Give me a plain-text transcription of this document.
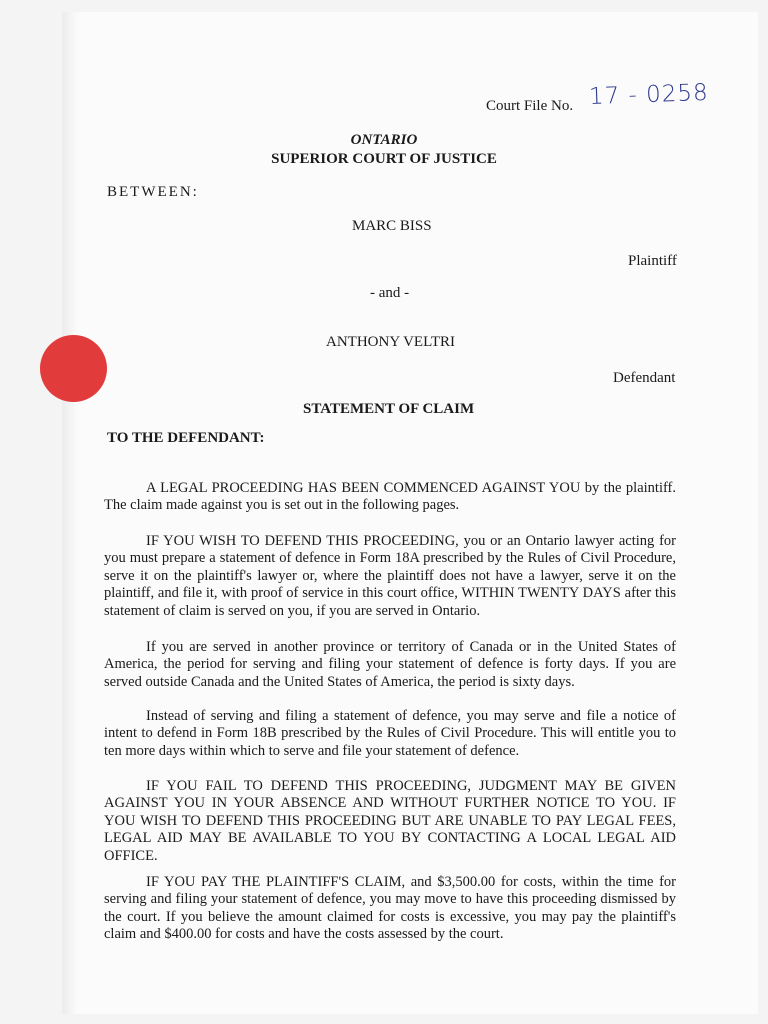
Court File No. 17 - 0258
ONTARIO
SUPERIOR COURT OF JUSTICE
BETWEEN:
MARC BISS
Plaintiff
- and -
ANTHONY VELTRI
Defendant
STATEMENT OF CLAIM
TO THE DEFENDANT:

A LEGAL PROCEEDING HAS BEEN COMMENCED AGAINST YOU by the plaintiff. The claim made against you is set out in the following pages.

IF YOU WISH TO DEFEND THIS PROCEEDING, you or an Ontario lawyer acting for you must prepare a statement of defence in Form 18A prescribed by the Rules of Civil Procedure, serve it on the plaintiff's lawyer or, where the plaintiff does not have a lawyer, serve it on the plaintiff, and file it, with proof of service in this court office, WITHIN TWENTY DAYS after this statement of claim is served on you, if you are served in Ontario.

If you are served in another province or territory of Canada or in the United States of America, the period for serving and filing your statement of defence is forty days. If you are served outside Canada and the United States of America, the period is sixty days.

Instead of serving and filing a statement of defence, you may serve and file a notice of intent to defend in Form 18B prescribed by the Rules of Civil Procedure. This will entitle you to ten more days within which to serve and file your statement of defence.

IF YOU FAIL TO DEFEND THIS PROCEEDING, JUDGMENT MAY BE GIVEN AGAINST YOU IN YOUR ABSENCE AND WITHOUT FURTHER NOTICE TO YOU. IF YOU WISH TO DEFEND THIS PROCEEDING BUT ARE UNABLE TO PAY LEGAL FEES, LEGAL AID MAY BE AVAILABLE TO YOU BY CONTACTING A LOCAL LEGAL AID OFFICE.

IF YOU PAY THE PLAINTIFF'S CLAIM, and $3,500.00 for costs, within the time for serving and filing your statement of defence, you may move to have this proceeding dismissed by the court. If you believe the amount claimed for costs is excessive, you may pay the plaintiff's claim and $400.00 for costs and have the costs assessed by the court.
